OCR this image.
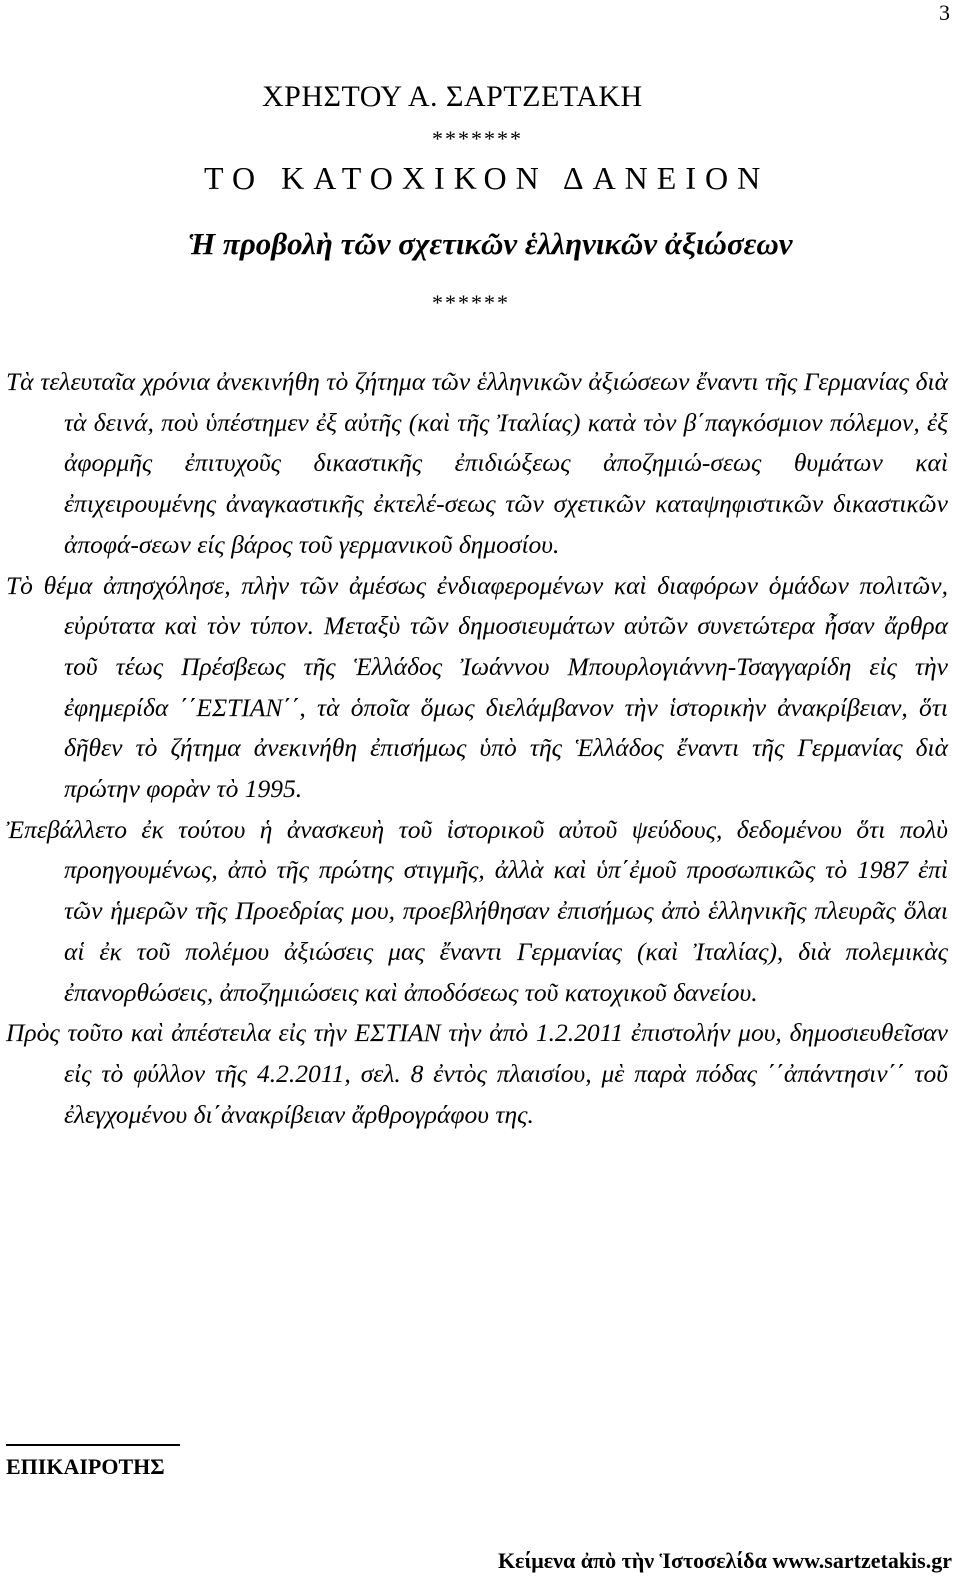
3
ΧΡΗΣΤΟΥ Α. ΣΑΡΤΖΕΤΑΚΗ
*******
ΤΟ ΚΑΤΟΧΙΚΟΝ ΔΑΝΕΙΟΝ
Ἡ προβολὴ τῶν σχετικῶν ἑλληνικῶν ἀξιώσεων
******

Τὰ τελευταῖα χρόνια ἀνεκινήθη τὸ ζήτημα τῶν ἑλληνικῶν ἀξιώσεων ἔναντι τῆς Γερμανίας διὰ τὰ δεινά, ποὺ ὑπέστημεν ἐξ αὐτῆς (καὶ τῆς Ἰταλίας) κατὰ τὸν β΄παγκόσμιον πόλεμον, ἐξ ἀφορμῆς ἐπιτυχοῦς δικαστικῆς ἐπιδιώξεως ἀποζημιώ-σεως θυμάτων καὶ ἐπιχειρουμένης ἀναγκαστικῆς ἐκτελέ-σεως τῶν σχετικῶν καταψηφιστικῶν δικαστικῶν ἀποφά-σεων είς βάρος τοῦ γερμανικοῦ δημοσίου.

Τὸ θέμα ἀπησχόλησε, πλὴν τῶν ἀμέσως ἐνδιαφερομένων καὶ διαφόρων ὁμάδων πολιτῶν, εὐρύτατα καὶ τὸν τύπον. Μεταξὺ τῶν δημοσιευμάτων αὐτῶν συνετώτερα ἦσαν ἄρθρα τοῦ τέως Πρέσβεως τῆς Ἑλλάδος Ἰωάννου Μπουρλογιάννη-Τσαγγαρίδη εἰς τὴν ἐφημερίδα ΄΄ΕΣΤΙΑΝ΄΄, τὰ ὁποῖα ὅμως διελάμβανον τὴν ἱστορικὴν ἀνακρίβειαν, ὅτι δῆθεν τὸ ζήτημα ἀνεκινήθη ἐπισήμως ὑπὸ τῆς Ἑλλάδος ἔναντι τῆς Γερμανίας διὰ πρώτην φορὰν τὸ 1995.

Ἐπεβάλλετο ἐκ τούτου ἡ ἀνασκευὴ τοῦ ἱστορικοῦ αὐτοῦ ψεύδους, δεδομένου ὅτι πολὺ προηγουμένως, ἀπὸ τῆς πρώτης στιγμῆς, ἀλλὰ καὶ ὑπ΄ἐμοῦ προσωπικῶς τὸ 1987 ἐπὶ τῶν ἡμερῶν τῆς Προεδρίας μου, προεβλήθησαν ἐπισήμως ἀπὸ ἑλληνικῆς πλευρᾶς ὅλαι αἱ ἐκ τοῦ πολέμου ἀξιώσεις μας ἔναντι Γερμανίας (καὶ Ἰταλίας), διὰ πολεμικὰς ἐπανορθώσεις, ἀποζημιώσεις καὶ ἀποδόσεως τοῦ κατοχικοῦ δανείου.

Πρὸς τοῦτο καὶ ἀπέστειλα εἰς τὴν ΕΣΤΙΑΝ τὴν ἀπὸ 1.2.2011 ἐπιστολήν μου, δημοσιευθεῖσαν εἰς τὸ φύλλον τῆς 4.2.2011, σελ. 8 ἐντὸς πλαισίου, μὲ παρὰ πόδας ΄΄ἀπάντησιν΄΄ τοῦ ἐλεγχομένου δι΄ἀνακρίβειαν ἄρθρογράφου της.

ΕΠΙΚΑΙΡΟΤΗΣ
Κείμενα ἀπὸ τὴν Ἱστοσελίδα www.sartzetakis.gr
